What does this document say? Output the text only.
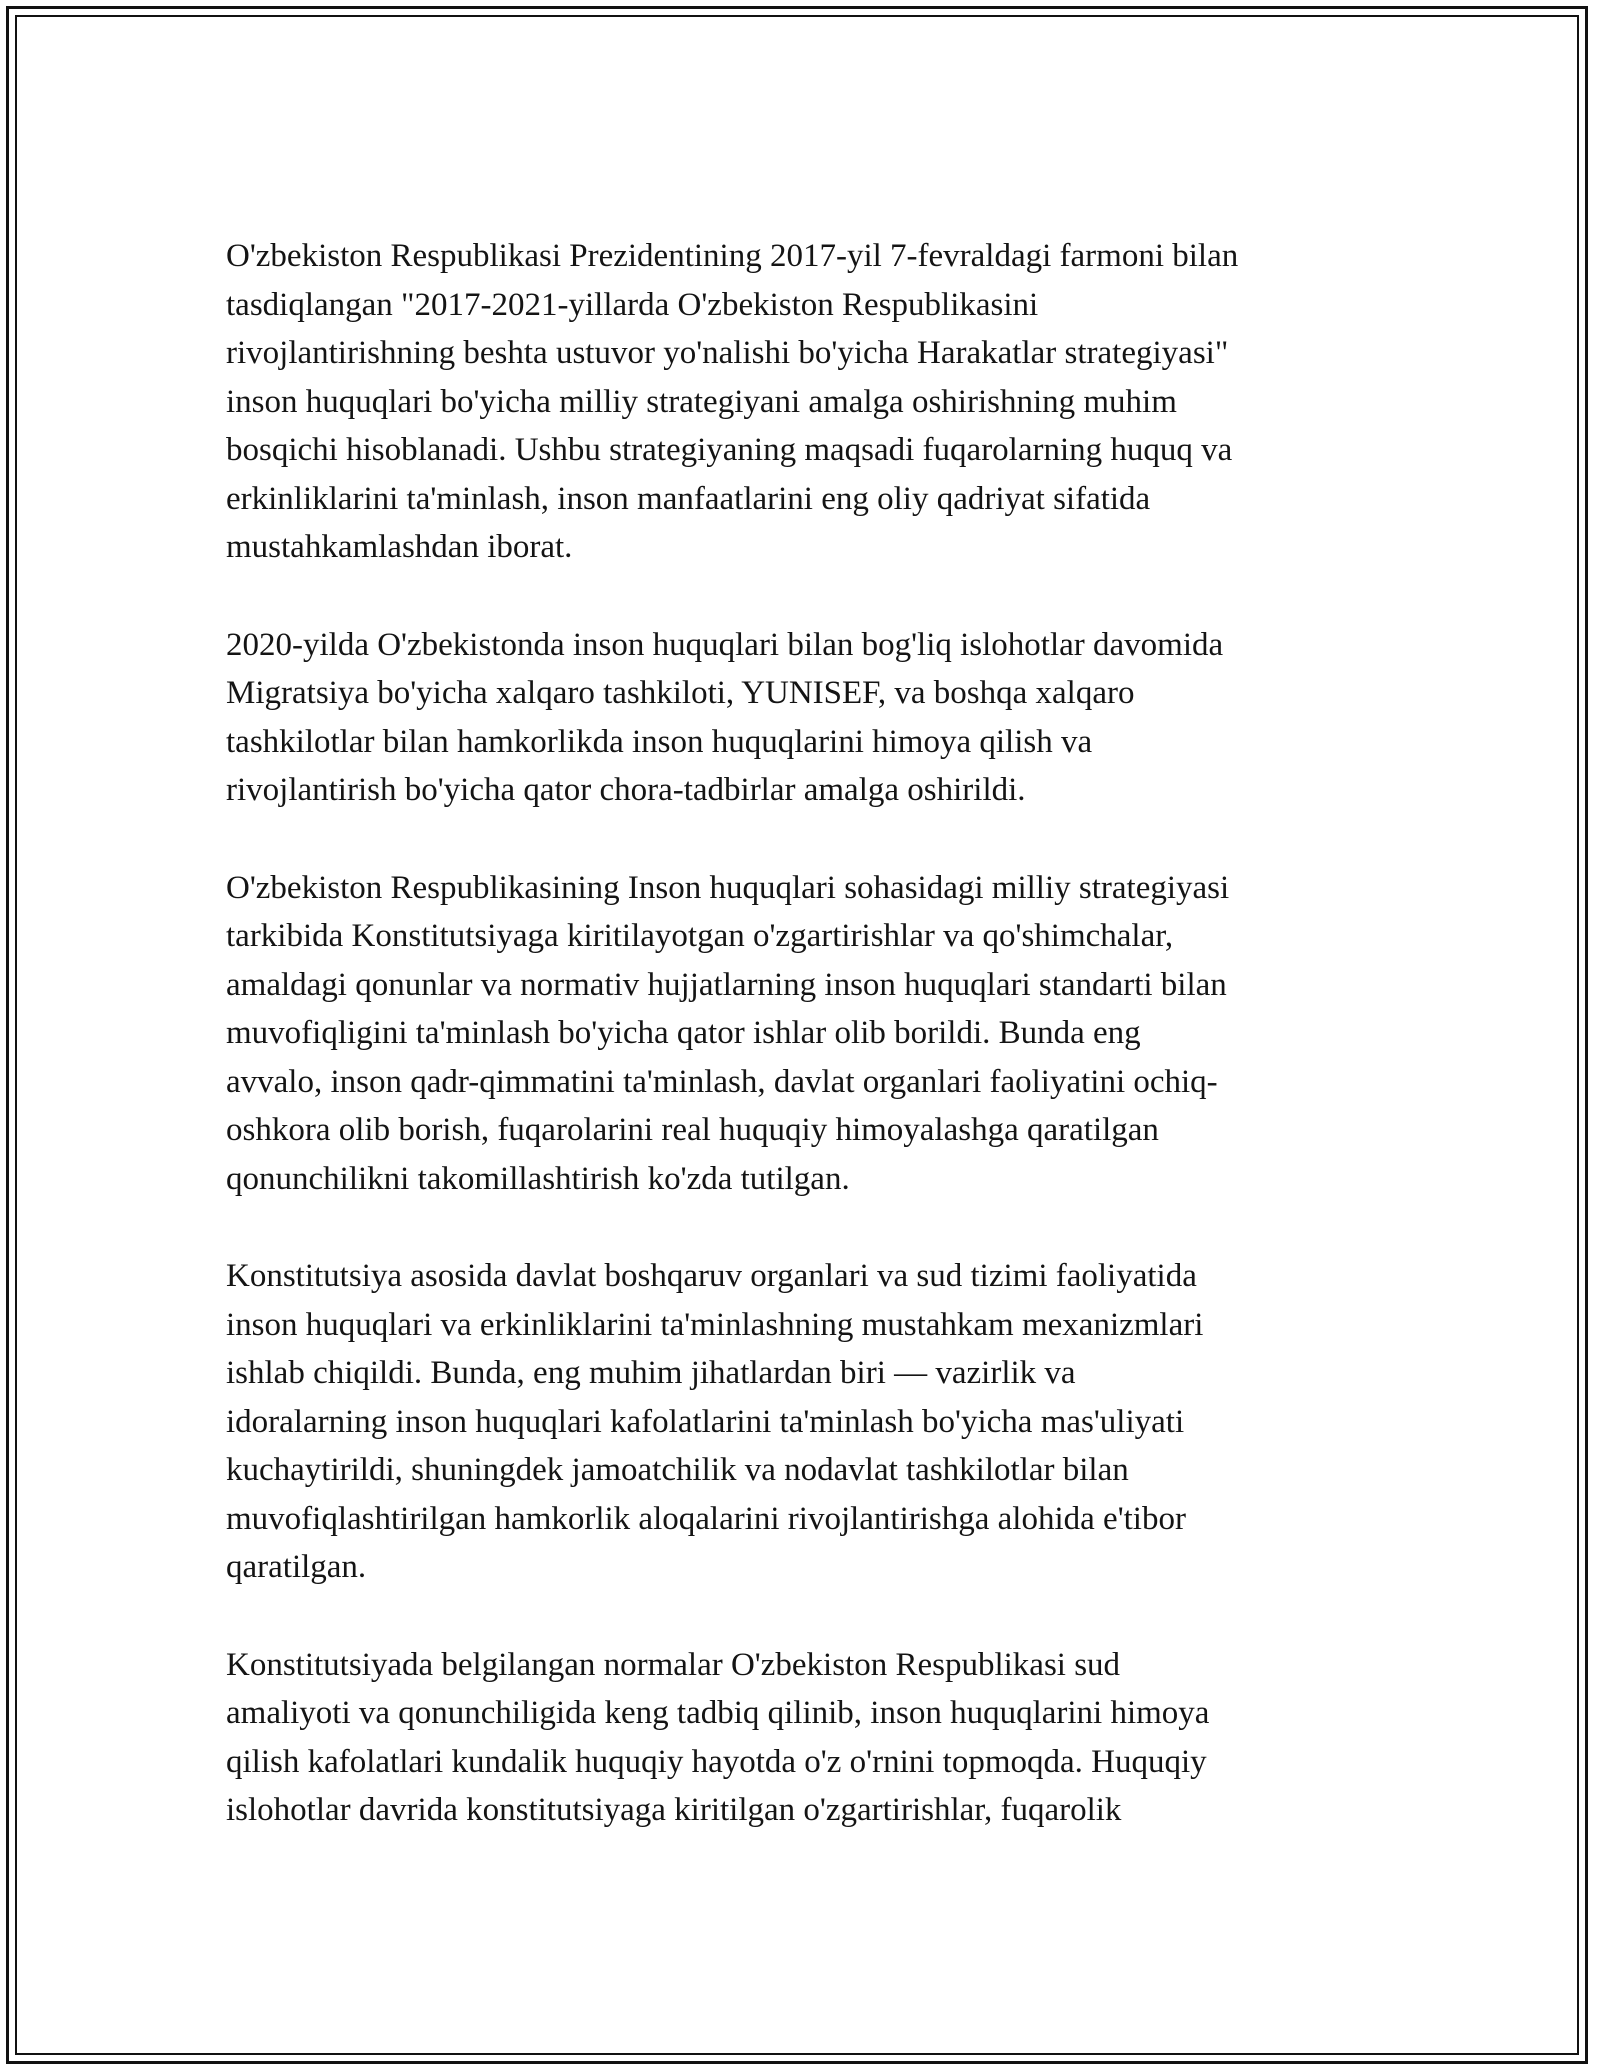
O'zbekiston Respublikasi Prezidentining 2017-yil 7-fevraldagi farmoni bilan
tasdiqlangan "2017-2021-yillarda O'zbekiston Respublikasini
rivojlantirishning beshta ustuvor yo'nalishi bo'yicha Harakatlar strategiyasi"
inson huquqlari bo'yicha milliy strategiyani amalga oshirishning muhim
bosqichi hisoblanadi. Ushbu strategiyaning maqsadi fuqarolarning huquq va
erkinliklarini ta'minlash, inson manfaatlarini eng oliy qadriyat sifatida
mustahkamlashdan iborat.

2020-yilda O'zbekistonda inson huquqlari bilan bog'liq islohotlar davomida
Migratsiya bo'yicha xalqaro tashkiloti, YUNISEF, va boshqa xalqaro
tashkilotlar bilan hamkorlikda inson huquqlarini himoya qilish va
rivojlantirish bo'yicha qator chora-tadbirlar amalga oshirildi.

O'zbekiston Respublikasining Inson huquqlari sohasidagi milliy strategiyasi
tarkibida Konstitutsiyaga kiritilayotgan o'zgartirishlar va qo'shimchalar,
amaldagi qonunlar va normativ hujjatlarning inson huquqlari standarti bilan
muvofiqligini ta'minlash bo'yicha qator ishlar olib borildi. Bunda eng
avvalo, inson qadr-qimmatini ta'minlash, davlat organlari faoliyatini ochiq-
oshkora olib borish, fuqarolarini real huquqiy himoyalashga qaratilgan
qonunchilikni takomillashtirish ko'zda tutilgan.

Konstitutsiya asosida davlat boshqaruv organlari va sud tizimi faoliyatida
inson huquqlari va erkinliklarini ta'minlashning mustahkam mexanizmlari
ishlab chiqildi. Bunda, eng muhim jihatlardan biri — vazirlik va
idoralarning inson huquqlari kafolatlarini ta'minlash bo'yicha mas'uliyati
kuchaytirildi, shuningdek jamoatchilik va nodavlat tashkilotlar bilan
muvofiqlashtirilgan hamkorlik aloqalarini rivojlantirishga alohida e'tibor
qaratilgan.

Konstitutsiyada belgilangan normalar O'zbekiston Respublikasi sud
amaliyoti va qonunchiligida keng tadbiq qilinib, inson huquqlarini himoya
qilish kafolatlari kundalik huquqiy hayotda o'z o'rnini topmoqda. Huquqiy
islohotlar davrida konstitutsiyaga kiritilgan o'zgartirishlar, fuqarolik
